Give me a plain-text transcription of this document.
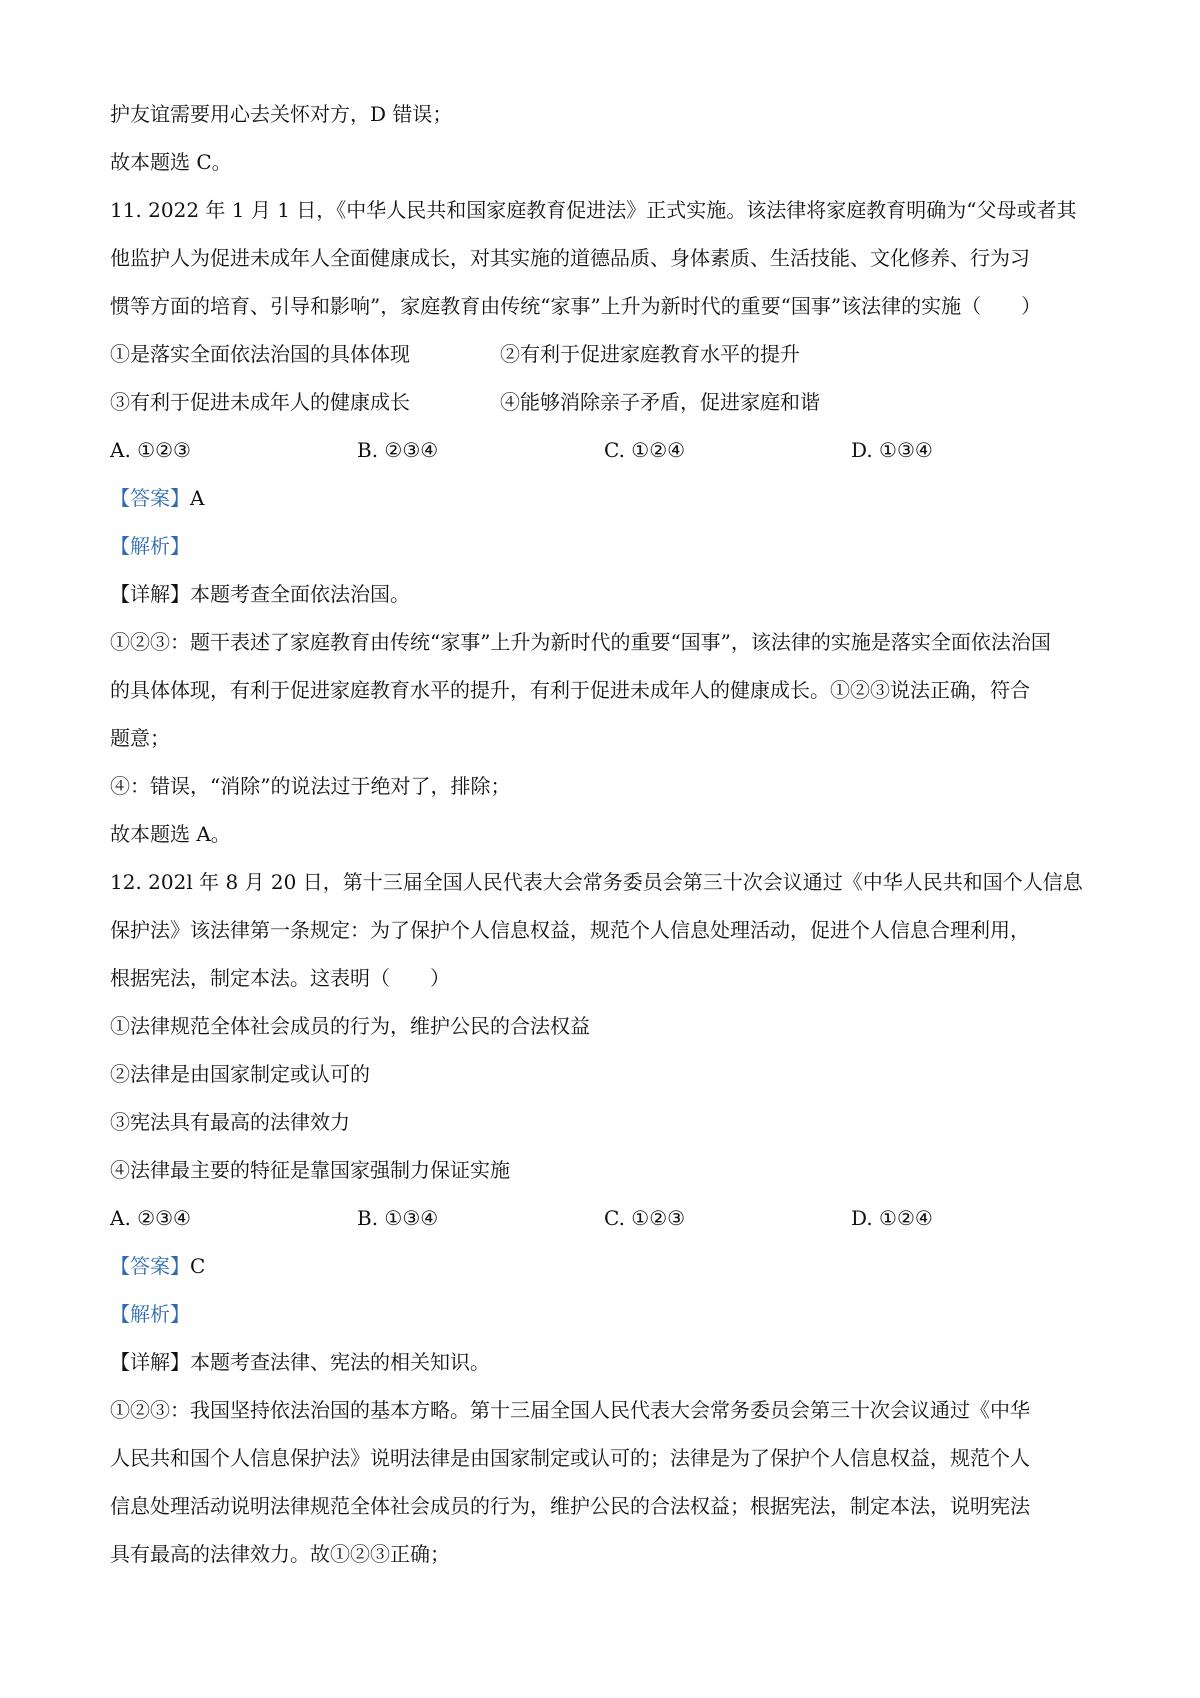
护友谊需要用心去关怀对方，D 错误；
故本题选 C。
11. 2022 年 1 月 1 日，《中华人民共和国家庭教育促进法》正式实施。该法律将家庭教育明确为“父母或者其
他监护人为促进未成年人全面健康成长，对其实施的道德品质、身体素质、生活技能、文化修养、行为习
惯等方面的培育、引导和影响”，家庭教育由传统“家事”上升为新时代的重要“国事”该法律的实施（　　）
①是落实全面依法治国的具体体现	②有利于促进家庭教育水平的提升
③有利于促进未成年人的健康成长	④能够消除亲子矛盾，促进家庭和谐
A. ①②③	B. ②③④	C. ①②④	D. ①③④
【答案】A
【解析】
【详解】本题考查全面依法治国。
①②③：题干表述了家庭教育由传统“家事”上升为新时代的重要“国事”，该法律的实施是落实全面依法治国
的具体体现，有利于促进家庭教育水平的提升，有利于促进未成年人的健康成长。①②③说法正确，符合
题意；
④：错误，“消除”的说法过于绝对了，排除；
故本题选 A。
12. 202l 年 8 月 20 日，第十三届全国人民代表大会常务委员会第三十次会议通过《中华人民共和国个人信息
保护法》该法律第一条规定：为了保护个人信息权益，规范个人信息处理活动，促进个人信息合理利用，
根据宪法，制定本法。这表明（　　）
①法律规范全体社会成员的行为，维护公民的合法权益
②法律是由国家制定或认可的
③宪法具有最高的法律效力
④法律最主要的特征是靠国家强制力保证实施
A. ②③④	B. ①③④	C. ①②③	D. ①②④
【答案】C
【解析】
【详解】本题考查法律、宪法的相关知识。
①②③：我国坚持依法治国的基本方略。第十三届全国人民代表大会常务委员会第三十次会议通过《中华
人民共和国个人信息保护法》说明法律是由国家制定或认可的；法律是为了保护个人信息权益，规范个人
信息处理活动说明法律规范全体社会成员的行为，维护公民的合法权益；根据宪法，制定本法，说明宪法
具有最高的法律效力。故①②③正确；
